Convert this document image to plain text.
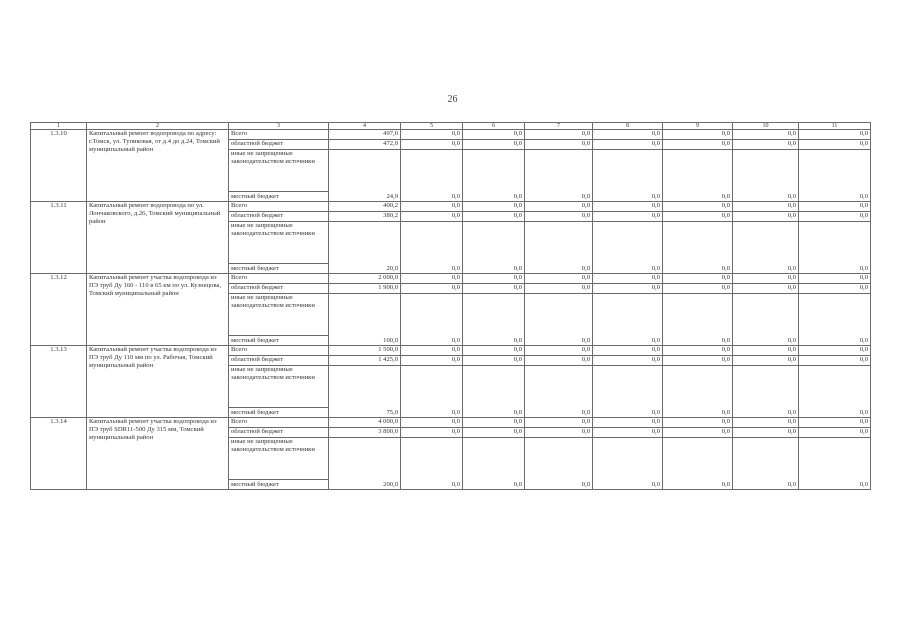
26
1	2	3	4	5	6	7	8	9	10	11
1.3.10	Капитальный ремонт водопровода по адресу: г.Томск, ул. Тупиковая, от д.4 до д.24, Томский муниципальный район	Всего	497,0	0,0	0,0	0,0	0,0	0,0	0,0	0,0
		областной бюджет	472,0	0,0	0,0	0,0	0,0	0,0	0,0	0,0
		иные не запрещенные законодательством источники								
		местный бюджет	24,9	0,0	0,0	0,0	0,0	0,0	0,0	0,0
1.3.11	Капитальный ремонт водопровода по ул. Лончаковского, д.26, Томский муниципальный район	Всего	400,2	0,0	0,0	0,0	0,0	0,0	0,0	0,0
		областной бюджет	380,2	0,0	0,0	0,0	0,0	0,0	0,0	0,0
		иные не запрещенные законодательством источники								
		местный бюджет	20,0	0,0	0,0	0,0	0,0	0,0	0,0	0,0
1.3.12	Капитальный ремонт участка водопровода из ПЭ труб Ду 160 - 110 в 65 км по ул. Кузнецова, Томский муниципальный район	Всего	2 000,0	0,0	0,0	0,0	0,0	0,0	0,0	0,0
		областной бюджет	1 900,0	0,0	0,0	0,0	0,0	0,0	0,0	0,0
		иные не запрещенные законодательством источники								
		местный бюджет	100,0	0,0	0,0	0,0	0,0	0,0	0,0	0,0
1.3.13	Капитальный ремонт участка водопровода из ПЭ труб Ду 110 мм по ул. Рабочая, Томский муниципальный район	Всего	1 500,0	0,0	0,0	0,0	0,0	0,0	0,0	0,0
		областной бюджет	1 425,0	0,0	0,0	0,0	0,0	0,0	0,0	0,0
		иные не запрещенные законодательством источники								
		местный бюджет	75,0	0,0	0,0	0,0	0,0	0,0	0,0	0,0
1.3.14	Капитальный ремонт участка водопровода из ПЭ труб SDR11-500 Ду 315 мм, Томский муниципальный район	Всего	4 000,0	0,0	0,0	0,0	0,0	0,0	0,0	0,0
		областной бюджет	3 800,0	0,0	0,0	0,0	0,0	0,0	0,0	0,0
		иные не запрещенные законодательством источники								
		местный бюджет	200,0	0,0	0,0	0,0	0,0	0,0	0,0	0,0
